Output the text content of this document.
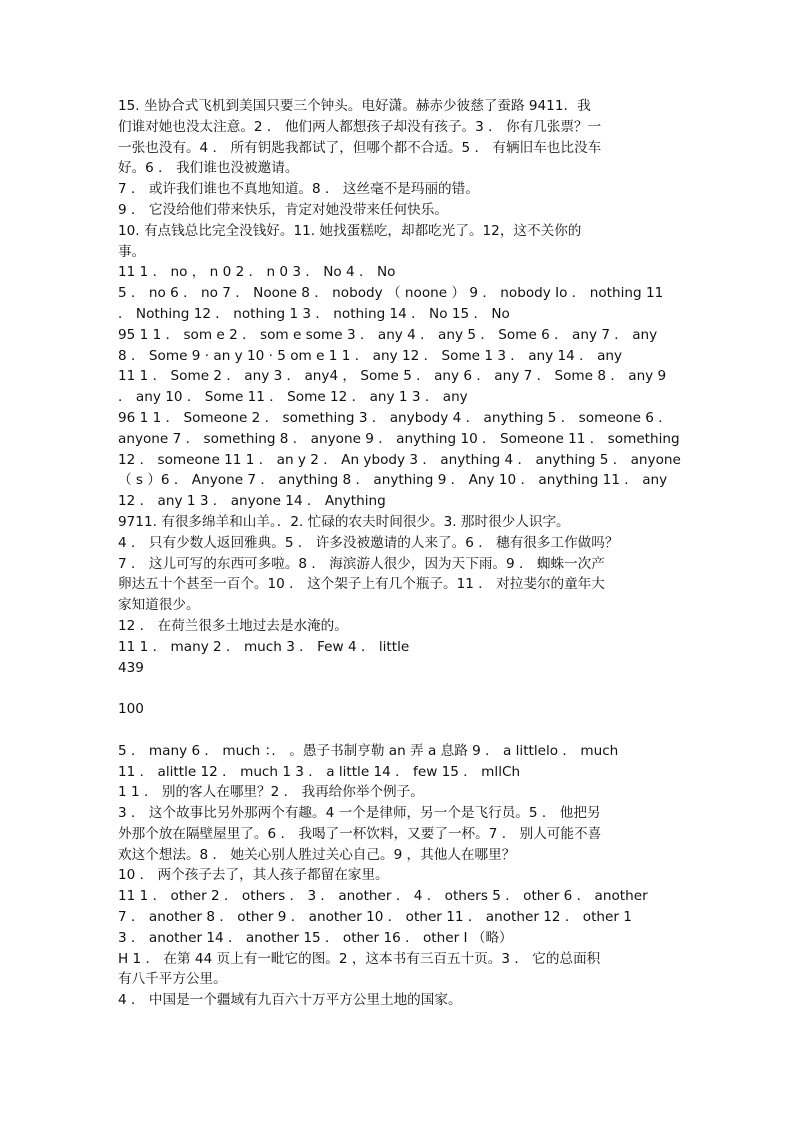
15. 坐协合式飞机到美国只要三个钟头。电好潇。赫赤少彼慈了蚕路 9411．我
们谁对她也没太注意。2 ． 他们两人都想孩子却没有孩子。3 ． 你有几张票？一
一张也没有。4 ． 所有钥匙我都试了，但哪个都不合适。5 ． 有辆旧车也比没车
好。6 ． 我们谁也没被邀请。
7 ． 或许我们谁也不真地知道。8 ． 这丝毫不是玛丽的错。
9 ． 它没给他们带来快乐，肯定对她没带来任何快乐。
10. 有点钱总比完全没钱好。11. 她找蛋糕吃，却都吃光了。12，这不关你的
事。
11 1 ． no ， n 0 2 ． n 0 3 ． No 4 ． No
5 ． no 6 ． no 7 ． Noone 8 ． nobody （ noone ） 9 ． nobody Io ． nothing 11
． Nothing 12 ． nothing 1 3 ． nothing 14 ． No 15 ． No
95 1 1 ． som e 2 ． som e some 3 ． any 4 ． any 5 ． Some 6 ． any 7 ． any
8 ． Some 9 · an y 10 · 5 om e 1 1 ． any 12 ． Some 1 3 ． any 14 ． any
11 1 ． Some 2 ． any 3 ． any4 ， Some 5 ． any 6 ． any 7 ． Some 8 ． any 9
． any 10 ． Some 11 ． Some 12 ． any 1 3 ． any
96 1 1 ． Someone 2 ． something 3 ． anybody 4 ． anything 5 ． someone 6 ．
anyone 7 ． something 8 ． anyone 9 ． anything 10 ． Someone 11 ． something
12 ． someone 11 1 ． an y 2 ． An ybody 3 ． anything 4 ． anything 5 ． anyone
（ s ）6 ． Anyone 7 ． anything 8 ． anything 9 ． Any 10 ． anything 11 ． any
12 ． any 1 3 ． anyone 14 ． Anything
9711. 有很多绵羊和山羊。．2. 忙碌的农夫时间很少。3. 那时很少人识字。
4 ． 只有少数人返回雅典。5 ． 许多没被邀请的人来了。6 ． 穗有很多工作做吗？
7 ． 这儿可写的东西可多啦。8 ． 海滨游人很少，因为天下雨。9 ． 蜘蛛一次产
卵达五十个甚至一百个。10 ． 这个架子上有几个瓶子。11 ． 对拉斐尔的童年大
家知道很少。
12 ． 在荷兰很多土地过去是水淹的。
11 1 ． many 2 ． much 3 ． Few 4 ． little
439
100
5 ． many 6 ． much ：． 。愚子书制亨勒 an 弄 a 息路 9 ． a littlelo ． much
11 ． alittle 12 ． much 1 3 ． a little 14 ． few 15 ． mllCh
1 1 ． 别的客人在哪里？2 ． 我再给你举个例子。
3 ． 这个故事比另外那两个有趣。4 一个是律师，另一个是飞行员。5 ． 他把另
外那个放在隔壁屋里了。6 ． 我喝了一杯饮料，又要了一杯。7 ． 别人可能不喜
欢这个想法。8 ． 她关心别人胜过关心自己。9 ，其他人在哪里？
10 ． 两个孩子去了，其人孩子都留在家里。
11 1 ． other 2 ． others ． 3 ． another ． 4 ． others 5 ． other 6 ． another
7 ． another 8 ． other 9 ． another 10 ． other 11 ． another 12 ． other 1
3 ． another 14 ． another 15 ． other 16 ． other I （略）
H 1 ． 在第 44 页上有一毗它的图。2 ，这本书有三百五十页。3 ． 它的总面积
有八千平方公里。
4 ． 中国是一个疆域有九百六十万平方公里土地的国家。
